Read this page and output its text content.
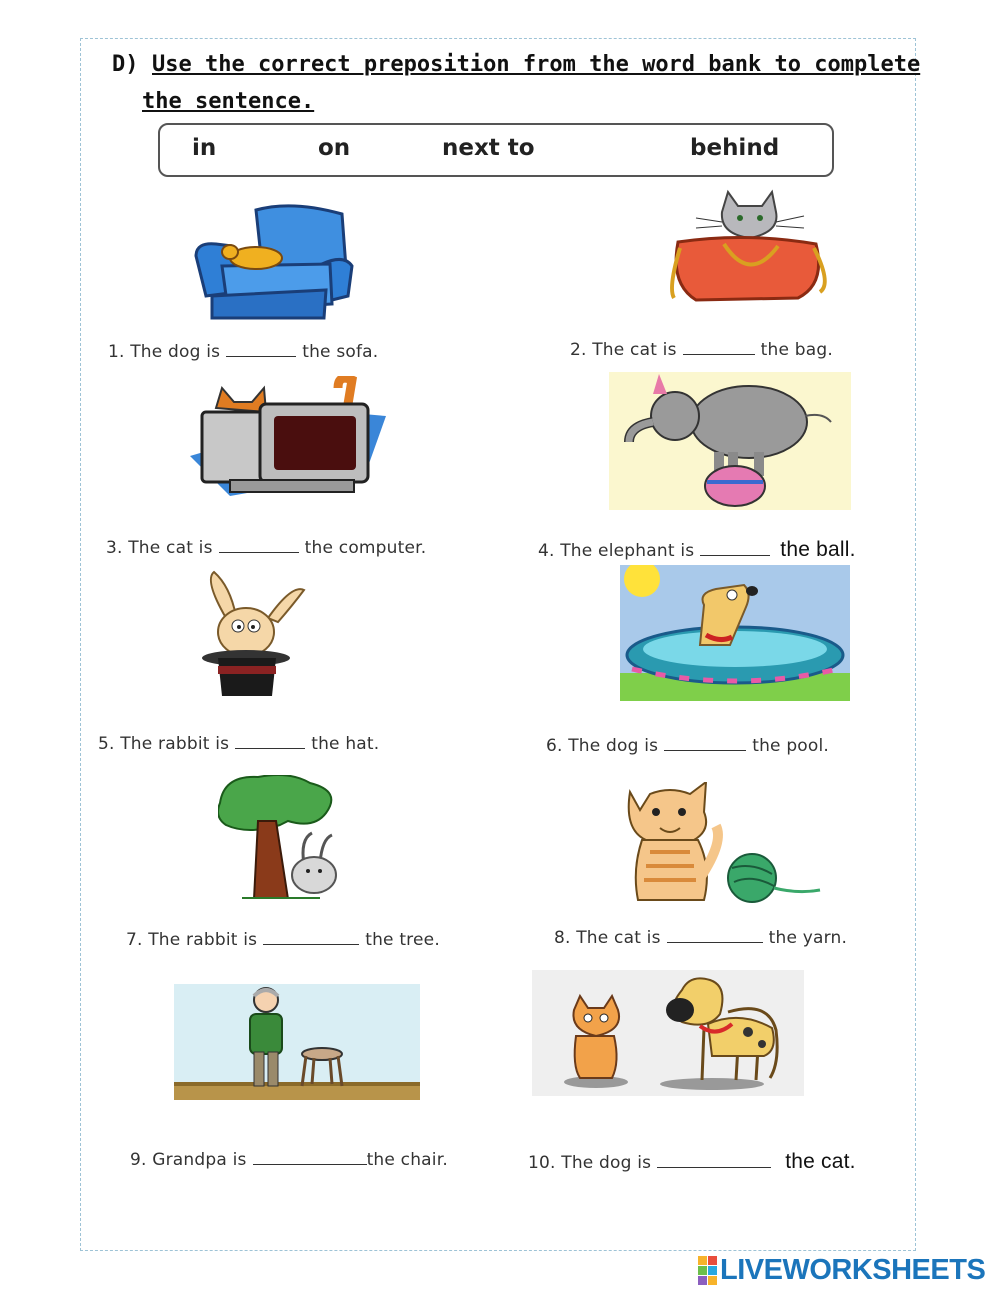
D) Use the correct preposition from the word bank to complete
the sentence.
in	on	next to	behind
1. The dog is	the sofa.	2. The cat is	the bag.
3. The cat is	the computer.	4. The elephant is	the ball.
5. The rabbit is	the hat.	6. The dog is	the pool.
7. The rabbit is	the tree.	8. The cat is	the yarn.
9. Grandpa is	the chair.	10. The dog is	the cat.
LIVEWORKSHEETS
